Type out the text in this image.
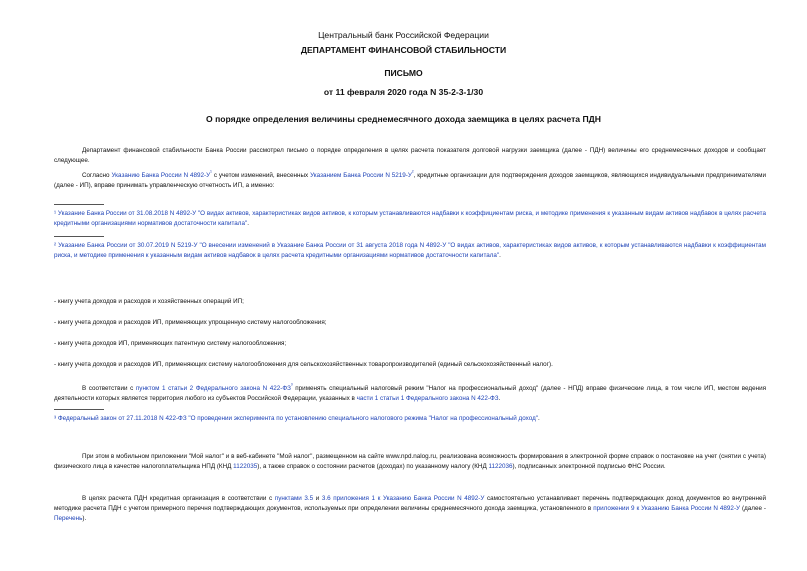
Центральный банк Российской Федерации
ДЕПАРТАМЕНТ ФИНАНСОВОЙ СТАБИЛЬНОСТИ
ПИСЬМО
от 11 февраля 2020 года N 35-2-3-1/30
О порядке определения величины среднемесячного дохода заемщика в целях расчета ПДН
Департамент финансовой стабильности Банка России рассмотрел письмо о порядке определения в целях расчета показателя долговой нагрузки заемщика (далее - ПДН) величины его среднемесячных доходов и сообщает следующее.
Согласно Указанию Банка России N $4892-У^{^1}$ с учетом изменений, внесенных Указанием Банка России N $5219-У^{^2}$, кредитные организации для подтверждения доходов заемщиков, являющихся индивидуальными предпринимателями (далее - ИП), вправе принимать управленческую отчетность ИП, а именно:
¹ Указание Банка России от 31.08.2018 N 4892-У "О видах активов, характеристиках видов активов, к которым устанавливаются надбавки к коэффициентам риска, и методике применения к указанным видам активов надбавок в целях расчета кредитными организациями нормативов достаточности капитала".
² Указание Банка России от 30.07.2019 N 5219-У "О внесении изменений в Указание Банка России от 31 августа 2018 года N 4892-У "О видах активов, характеристиках видов активов, к которым устанавливаются надбавки к коэффициентам риска, и методике применения к указанным видам активов надбавок в целях расчета кредитными организациями нормативов достаточности капитала".
- книгу учета доходов и расходов и хозяйственных операций ИП;
- книгу учета доходов и расходов ИП, применяющих упрощенную систему налогообложения;
- книгу учета доходов ИП, применяющих патентную систему налогообложения;
- книгу учета доходов и расходов ИП, применяющих систему налогообложения для сельскохозяйственных товаропроизводителей (единый сельскохозяйственный налог).
В соответствии с пунктом 1 статьи 2 Федерального закона N $422-ФЗ^{^3}$ применять специальный налоговый режим "Налог на профессиональный доход" (далее - НПД) вправе физические лица, в том числе ИП, местом ведения деятельности которых является территория любого из субъектов Российской Федерации, указанных в части 1 статьи 1 Федерального закона N 422-ФЗ.
³ Федеральный закон от 27.11.2018 N 422-ФЗ "О проведении эксперимента по установлению специального налогового режима "Налог на профессиональный доход".
При этом в мобильном приложении "Мой налог" и в веб-кабинете "Мой налог", размещенном на сайте www.npd.nalog.ru, реализована возможность формирования в электронной форме справок о постановке на учет (снятии с учета) физического лица в качестве налогоплательщика НПД (КНД 1122035), а также справок о состоянии расчетов (доходах) по указанному налогу (КНД 1122036), подписанных электронной подписью ФНС России.
В целях расчета ПДН кредитная организация в соответствии с пунктами 3.5 и 3.6 приложения 1 к Указанию Банка России N 4892-У самостоятельно устанавливает перечень подтверждающих доход документов во внутренней методике расчета ПДН с учетом примерного перечня подтверждающих документов, используемых при определении величины среднемесячного дохода заемщика, установленного в приложении 9 к Указанию Банка России N 4892-У (далее - Перечень).
